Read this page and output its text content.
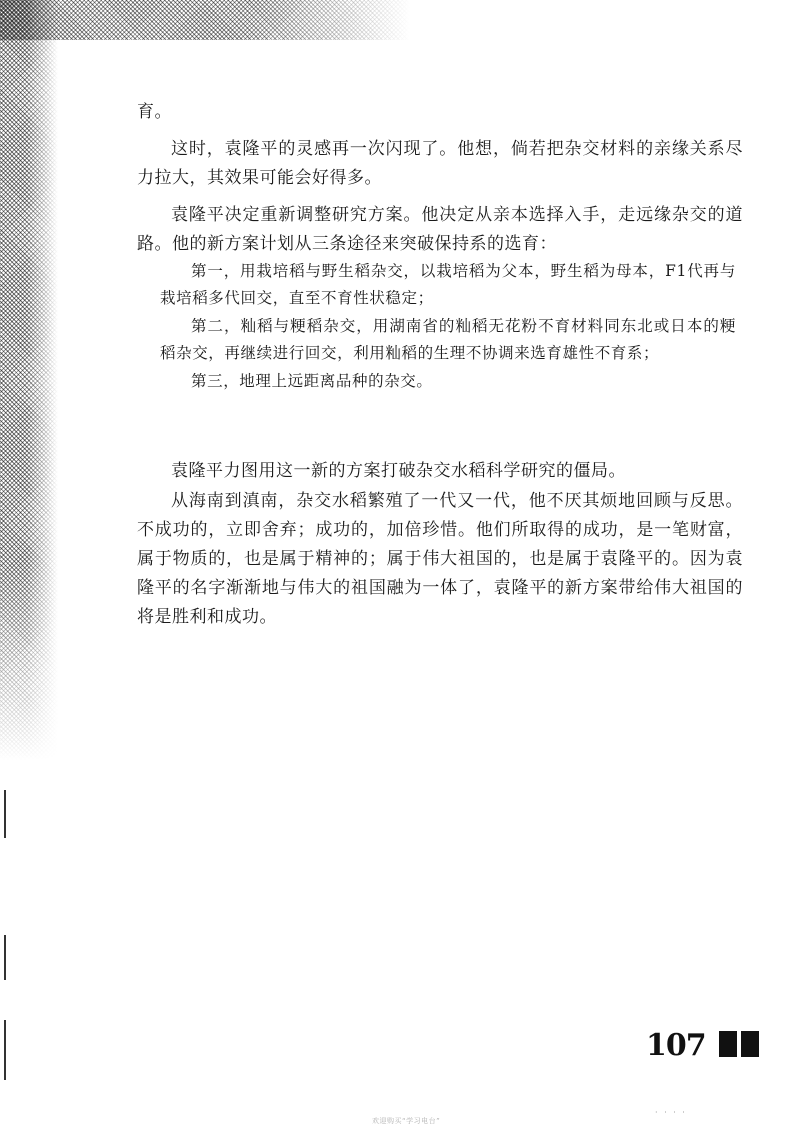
育。

这时，袁隆平的灵感再一次闪现了。他想，倘若把杂交材料的亲缘关系尽力拉大，其效果可能会好得多。

袁隆平决定重新调整研究方案。他决定从亲本选择入手，走远缘杂交的道路。他的新方案计划从三条途径来突破保持系的选育：

第一，用栽培稻与野生稻杂交，以栽培稻为父本，野生稻为母本，F1代再与栽培稻多代回交，直至不育性状稳定；

第二，籼稻与粳稻杂交，用湖南省的籼稻无花粉不育材料同东北或日本的粳稻杂交，再继续进行回交，利用籼稻的生理不协调来选育雄性不育系；

第三，地理上远距离品种的杂交。

袁隆平力图用这一新的方案打破杂交水稻科学研究的僵局。

从海南到滇南，杂交水稻繁殖了一代又一代，他不厌其烦地回顾与反思。不成功的，立即舍弃；成功的，加倍珍惜。他们所取得的成功，是一笔财富，属于物质的，也是属于精神的；属于伟大祖国的，也是属于袁隆平的。因为袁隆平的名字渐渐地与伟大的祖国融为一体了，袁隆平的新方案带给伟大祖国的将是胜利和成功。

107
· · · ·
欢迎购买“学习电台”
